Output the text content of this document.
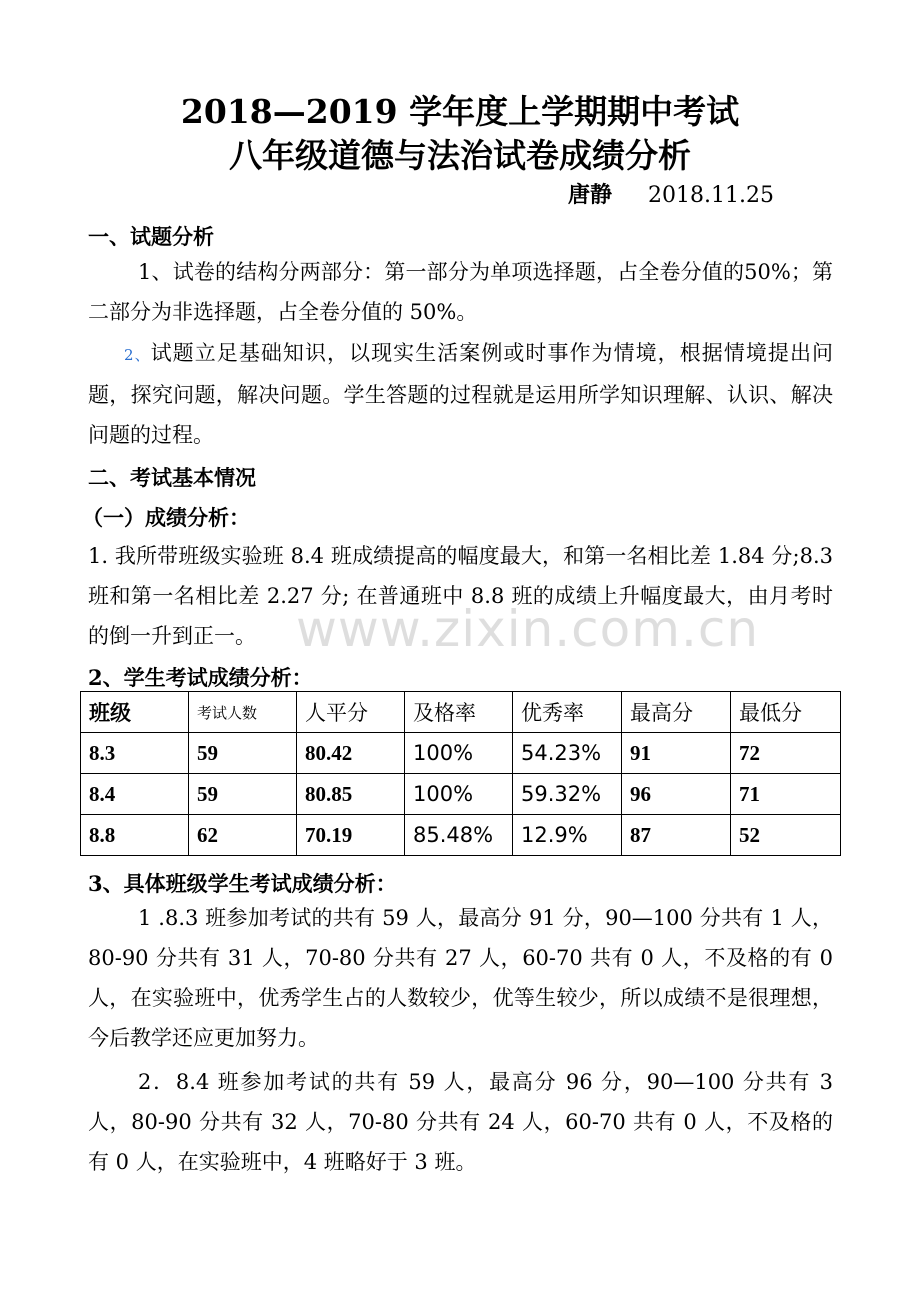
2018—2019 学年度上学期期中考试
八年级道德与法治试卷成绩分析
唐静 2018.11.25
一、试题分析
1、试卷的结构分两部分：第一部分为单项选择题，占全卷分值的50%；第二部分为非选择题，占全卷分值的 50%。
2、试题立足基础知识，以现实生活案例或时事作为情境，根据情境提出问题，探究问题，解决问题。学生答题的过程就是运用所学知识理解、认识、解决问题的过程。
二、考试基本情况
（一）成绩分析：
1. 我所带班级实验班 8.4 班成绩提高的幅度最大，和第一名相比差 1.84 分;8.3 班和第一名相比差 2.27 分; 在普通班中 8.8 班的成绩上升幅度最大，由月考时的倒一升到正一。
2、学生考试成绩分析：
班级	考试人数	人平分	及格率	优秀率	最高分	最低分
8.3	59	80.42	100%	54.23%	91	72
8.4	59	80.85	100%	59.32%	96	71
8.8	62	70.19	85.48%	12.9%	87	52
3、具体班级学生考试成绩分析：
1 .8.3 班参加考试的共有 59 人，最高分 91 分，90—100 分共有 1 人，80-90 分共有 31 人，70-80 分共有 27 人，60-70 共有 0 人，不及格的有 0 人，在实验班中，优秀学生占的人数较少，优等生较少，所以成绩不是很理想，今后教学还应更加努力。
2．8.4 班参加考试的共有 59 人，最高分 96 分，90—100 分共有 3 人，80-90 分共有 32 人，70-80 分共有 24 人，60-70 共有 0 人，不及格的有 0 人，在实验班中，4 班略好于 3 班。
www.zixin.com.cn
